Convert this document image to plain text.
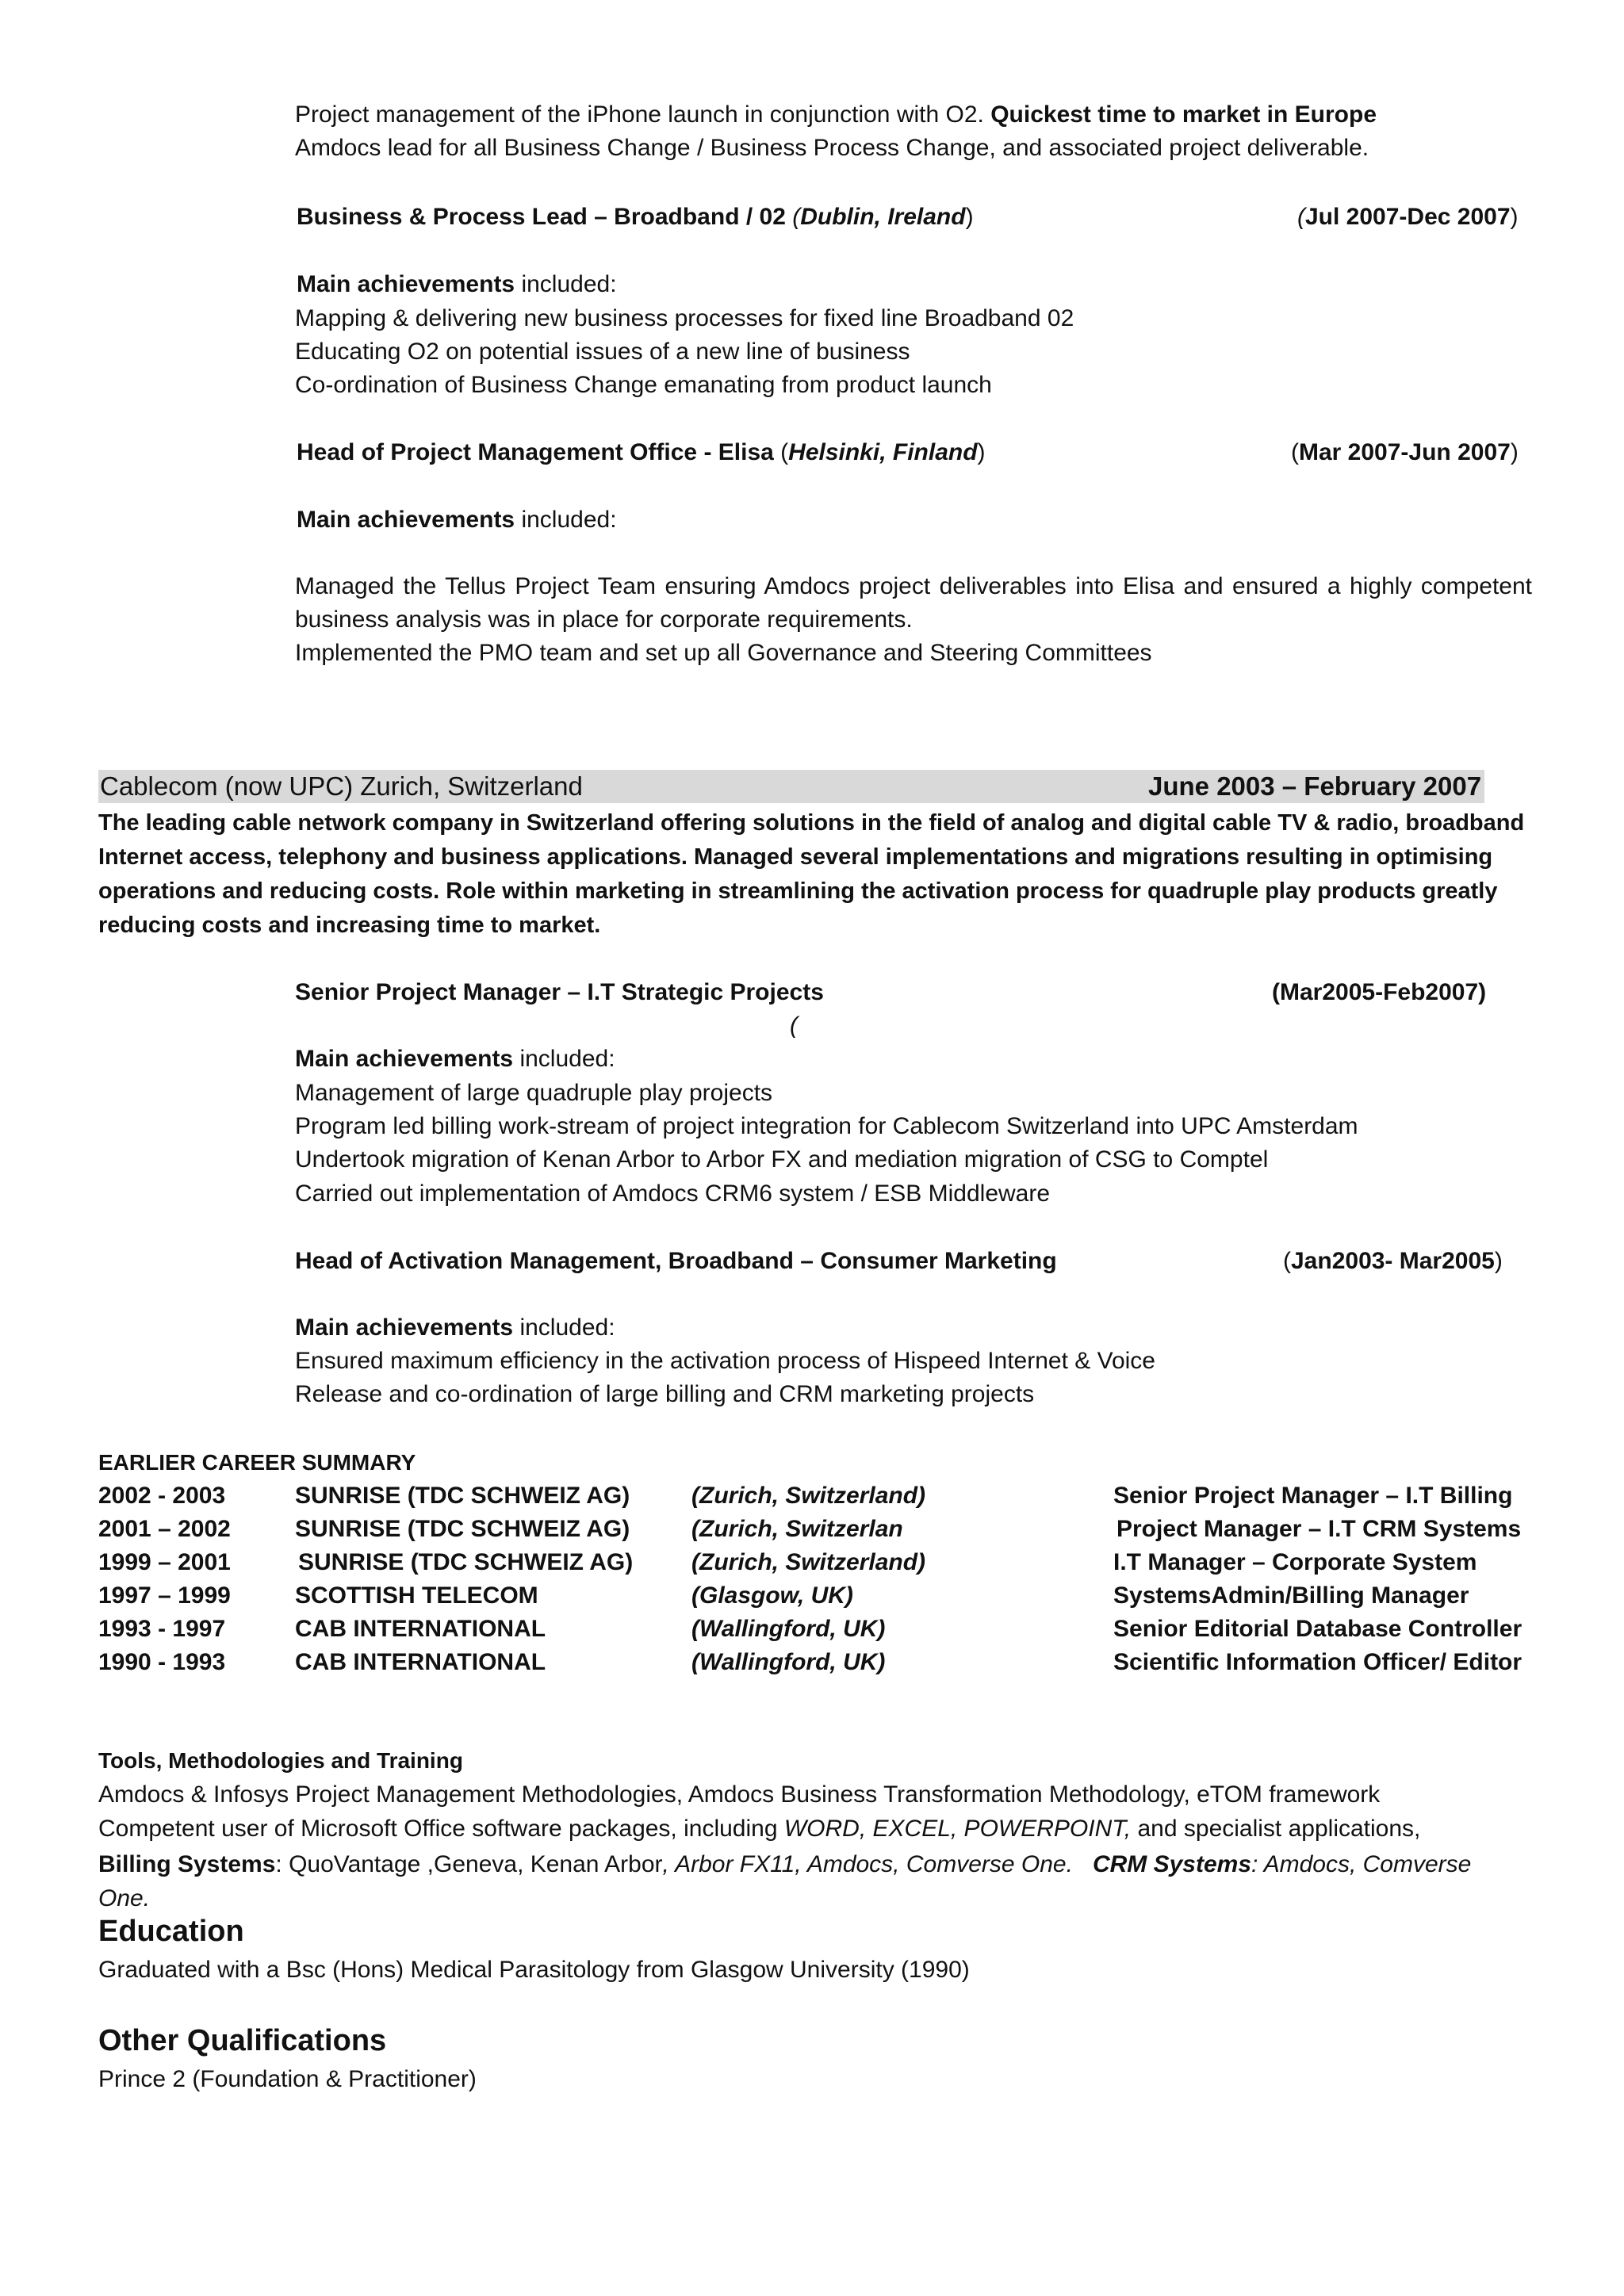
Project management of the iPhone launch in conjunction with O2. Quickest time to market in Europe
Amdocs lead for all Business Change / Business Process Change, and associated project deliverable.
Business & Process Lead – Broadband / 02 (Dublin, Ireland)	(Jul 2007-Dec 2007)
Main achievements included:
Mapping & delivering new business processes for fixed line Broadband 02
Educating O2 on potential issues of a new line of business
Co-ordination of Business Change emanating from product launch
Head of Project Management Office - Elisa (Helsinki, Finland)	(Mar 2007-Jun 2007)
Main achievements included:
Managed the Tellus Project Team ensuring Amdocs project deliverables into Elisa and ensured a highly competent business analysis was in place for corporate requirements.
Implemented the PMO team and set up all Governance and Steering Committees
Cablecom (now UPC) Zurich, Switzerland	June 2003 – February 2007
The leading cable network company in Switzerland offering solutions in the field of analog and digital cable TV & radio, broadband Internet access, telephony and business applications. Managed several implementations and migrations resulting in optimising operations and reducing costs. Role within marketing in streamlining the activation process for quadruple play products greatly reducing costs and increasing time to market.
Senior Project Manager – I.T Strategic Projects	(Mar2005-Feb2007)
(
Main achievements included:
Management of large quadruple play projects
Program led billing work-stream of project integration for Cablecom Switzerland into UPC Amsterdam
Undertook migration of Kenan Arbor to Arbor FX and mediation migration of CSG to Comptel
Carried out implementation of Amdocs CRM6 system / ESB Middleware
Head of Activation Management, Broadband – Consumer Marketing	(Jan2003- Mar2005)
Main achievements included:
Ensured maximum efficiency in the activation process of Hispeed Internet & Voice
Release and co-ordination of large billing and CRM marketing projects
EARLIER CAREER SUMMARY
2002 - 2003	SUNRISE (TDC SCHWEIZ AG)	(Zurich, Switzerland)	Senior Project Manager – I.T Billing
2001 – 2002	SUNRISE (TDC SCHWEIZ AG)	(Zurich, Switzerlan	Project Manager – I.T CRM Systems
1999 – 2001	SUNRISE (TDC SCHWEIZ AG) (Zurich, Switzerland)	I.T Manager – Corporate System
1997 – 1999	SCOTTISH TELECOM	(Glasgow, UK)	SystemsAdmin/Billing Manager
1993 - 1997	CAB INTERNATIONAL	(Wallingford, UK)	Senior Editorial Database Controller
1990 - 1993	CAB INTERNATIONAL	(Wallingford, UK)	Scientific Information Officer/ Editor
Tools, Methodologies and Training
Amdocs & Infosys Project Management Methodologies, Amdocs Business Transformation Methodology, eTOM framework
Competent user of Microsoft Office software packages, including WORD, EXCEL, POWERPOINT, and specialist applications,
Billing Systems: QuoVantage ,Geneva, Kenan Arbor, Arbor FX11, Amdocs, Comverse One. CRM Systems: Amdocs, Comverse One.
Education
Graduated with a Bsc (Hons) Medical Parasitology from Glasgow University (1990)
Other Qualifications
Prince 2 (Foundation & Practitioner)
